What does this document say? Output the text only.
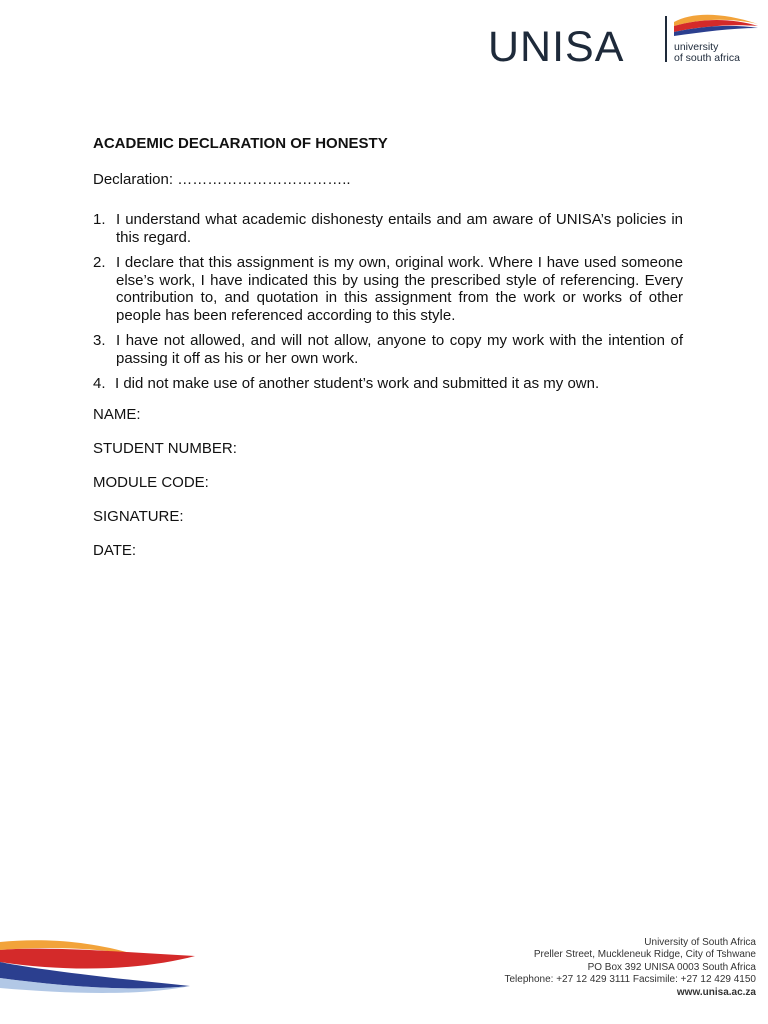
UNISA	university
of south africa
ACADEMIC DECLARATION OF HONESTY
Declaration: ……………………………..
1. I understand what academic dishonesty entails and am aware of UNISA’s policies in this regard.
2. I declare that this assignment is my own, original work. Where I have used someone else’s work, I have indicated this by using the prescribed style of referencing. Every contribution to, and quotation in this assignment from the work or works of other people has been referenced according to this style.
3. I have not allowed, and will not allow, anyone to copy my work with the intention of passing it off as his or her own work.
4. I did not make use of another student’s work and submitted it as my own.
NAME:
STUDENT NUMBER:
MODULE CODE:
SIGNATURE:
DATE:
University of South Africa
Preller Street, Muckleneuk Ridge, City of Tshwane
PO Box 392 UNISA 0003 South Africa
Telephone: +27 12 429 3111 Facsimile: +27 12 429 4150
www.unisa.ac.za
